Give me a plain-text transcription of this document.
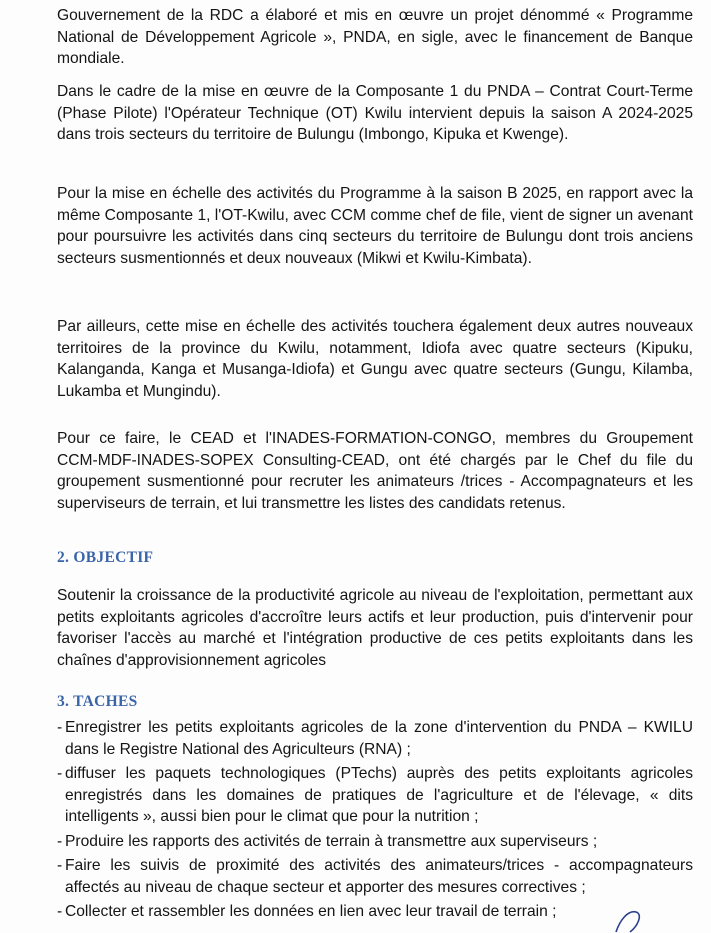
Gouvernement de la RDC a élaboré et mis en œuvre un projet dénommé « Programme National de Développement Agricole », PNDA, en sigle, avec le financement de Banque mondiale.

Dans le cadre de la mise en œuvre de la Composante 1 du PNDA – Contrat Court-Terme (Phase Pilote) l'Opérateur Technique (OT) Kwilu intervient depuis la saison A 2024-2025 dans trois secteurs du territoire de Bulungu (Imbongo, Kipuka et Kwenge).

Pour la mise en échelle des activités du Programme à la saison B 2025, en rapport avec la même Composante 1, l'OT-Kwilu, avec CCM comme chef de file, vient de signer un avenant pour poursuivre les activités dans cinq secteurs du territoire de Bulungu dont trois anciens secteurs susmentionnés et deux nouveaux (Mikwi et Kwilu-Kimbata).

Par ailleurs, cette mise en échelle des activités touchera également deux autres nouveaux territoires de la province du Kwilu, notamment, Idiofa avec quatre secteurs (Kipuku, Kalanganda, Kanga et Musanga-Idiofa) et Gungu avec quatre secteurs (Gungu, Kilamba, Lukamba et Mungindu).

Pour ce faire, le CEAD et l'INADES-FORMATION-CONGO, membres du Groupement CCM-MDF-INADES-SOPEX Consulting-CEAD, ont été chargés par le Chef du file du groupement susmentionné pour recruter les animateurs /trices - Accompagnateurs et les superviseurs de terrain, et lui transmettre les listes des candidats retenus.

2. OBJECTIF

Soutenir la croissance de la productivité agricole au niveau de l'exploitation, permettant aux petits exploitants agricoles d'accroître leurs actifs et leur production, puis d'intervenir pour favoriser l'accès au marché et l'intégration productive de ces petits exploitants dans les chaînes d'approvisionnement agricoles

3. TACHES
- Enregistrer les petits exploitants agricoles de la zone d'intervention du PNDA – KWILU dans le Registre National des Agriculteurs (RNA) ;
- diffuser les paquets technologiques (PTechs) auprès des petits exploitants agricoles enregistrés dans les domaines de pratiques de l'agriculture et de l'élevage, « dits intelligents », aussi bien pour le climat que pour la nutrition ;
- Produire les rapports des activités de terrain à transmettre aux superviseurs ;
- Faire les suivis de proximité des activités des animateurs/trices - accompagnateurs affectés au niveau de chaque secteur et apporter des mesures correctives ;
- Collecter et rassembler les données en lien avec leur travail de terrain ;
